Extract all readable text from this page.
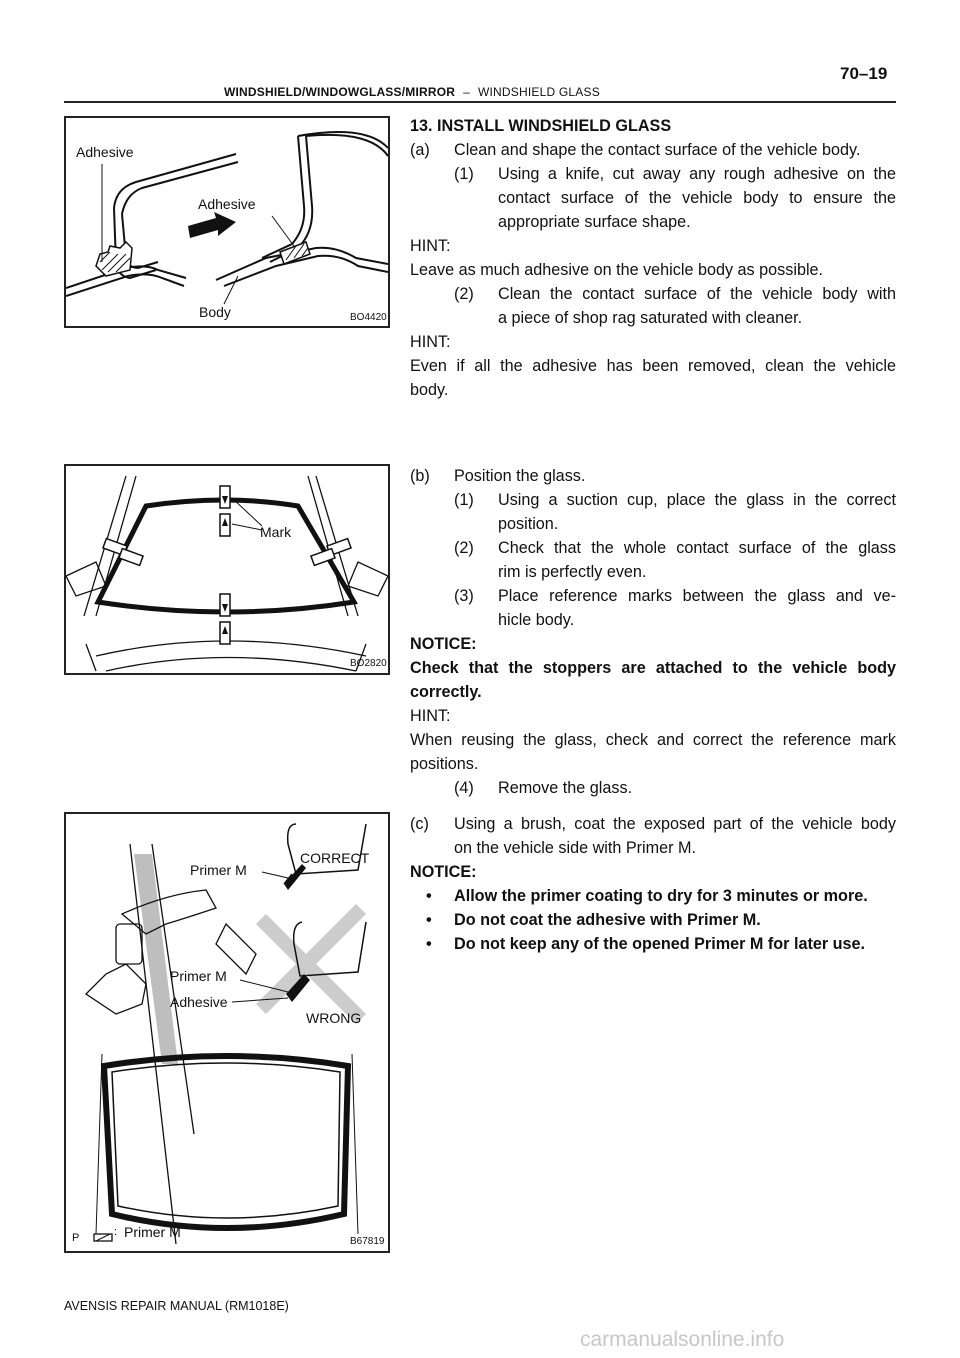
70–19
WINDSHIELD/WINDOWGLASS/MIRROR – WINDSHIELD GLASS
Adhesive
Adhesive
Body	BO4420
Mark
BO2820
Primer M
CORRECT
Primer M
Adhesive
WRONG
: Primer M
P	B67819
13. INSTALL WINDSHIELD GLASS
(a) Clean and shape the contact surface of the vehicle body.
(1) Using a knife, cut away any rough adhesive on the
contact surface of the vehicle body to ensure the
appropriate surface shape.
HINT:
Leave as much adhesive on the vehicle body as possible.
(2) Clean the contact surface of the vehicle body with
a piece of shop rag saturated with cleaner.
HINT:
Even if all the adhesive has been removed, clean the vehicle
body.
(b) Position the glass.
(1) Using a suction cup, place the glass in the correct
position.
(2) Check that the whole contact surface of the glass
rim is perfectly even.
(3) Place reference marks between the glass and ve-
hicle body.
NOTICE:
Check that the stoppers are attached to the vehicle body
correctly.
HINT:
When reusing the glass, check and correct the reference mark
positions.
(4) Remove the glass.
(c) Using a brush, coat the exposed part of the vehicle body
on the vehicle side with Primer M.
NOTICE:
• Allow the primer coating to dry for 3 minutes or more.
• Do not coat the adhesive with Primer M.
• Do not keep any of the opened Primer M for later use.
AVENSIS REPAIR MANUAL (RM1018E)
carmanualsonline.info
